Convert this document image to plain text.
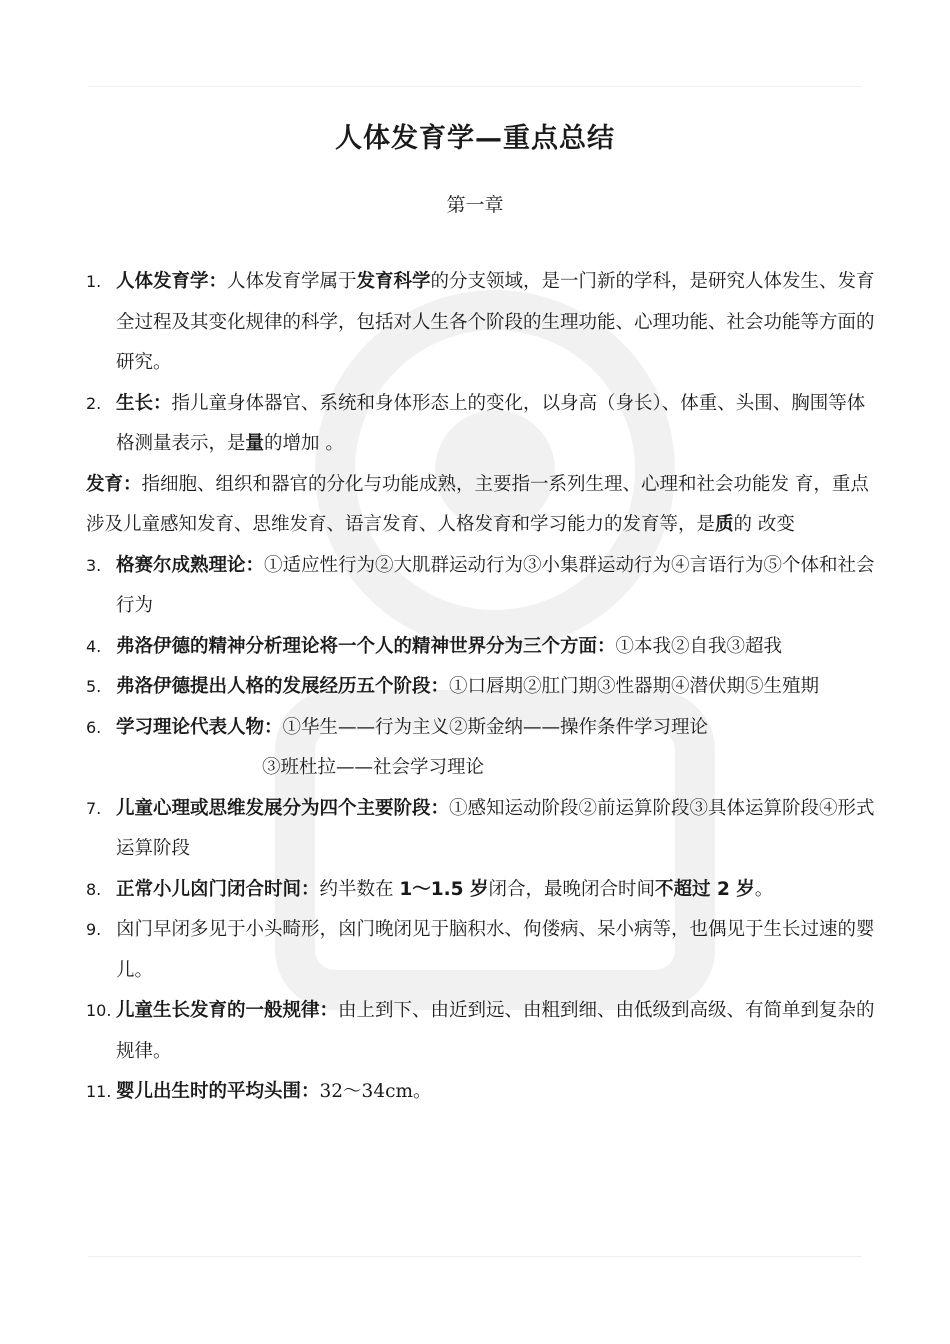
人体发育学—重点总结
第一章
1. 人体发育学：人体发育学属于发育科学的分支领域，是一门新的学科，是研究人体发生、发育全过程及其变化规律的科学，包括对人生各个阶段的生理功能、心理功能、社会功能等方面的研究。
2. 生长：指儿童身体器官、系统和身体形态上的变化，以身高（身长）、体重、头围、胸围等体格测量表示，是量的增加 。
发育：指细胞、组织和器官的分化与功能成熟，主要指一系列生理、心理和社会功能发 育，重点涉及儿童感知发育、思维发育、语言发育、人格发育和学习能力的发育等，是质的 改变
3. 格赛尔成熟理论：①适应性行为②大肌群运动行为③小集群运动行为④言语行为⑤个体和社会行为
4. 弗洛伊德的精神分析理论将一个人的精神世界分为三个方面：①本我②自我③超我
5. 弗洛伊德提出人格的发展经历五个阶段：①口唇期②肛门期③性器期④潜伏期⑤生殖期
6. 学习理论代表人物：①华生——行为主义②斯金纳——操作条件学习理论
③班杜拉——社会学习理论
7. 儿童心理或思维发展分为四个主要阶段：①感知运动阶段②前运算阶段③具体运算阶段④形式运算阶段
8. 正常小儿囟门闭合时间：约半数在 1～1.5 岁闭合，最晚闭合时间不超过 2 岁。
9. 囟门早闭多见于小头畸形，囟门晚闭见于脑积水、佝偻病、呆小病等，也偶见于生长过速的婴儿。
10. 儿童生长发育的一般规律：由上到下、由近到远、由粗到细、由低级到高级、有简单到复杂的规律。
11. 婴儿出生时的平均头围：32～34cm。
